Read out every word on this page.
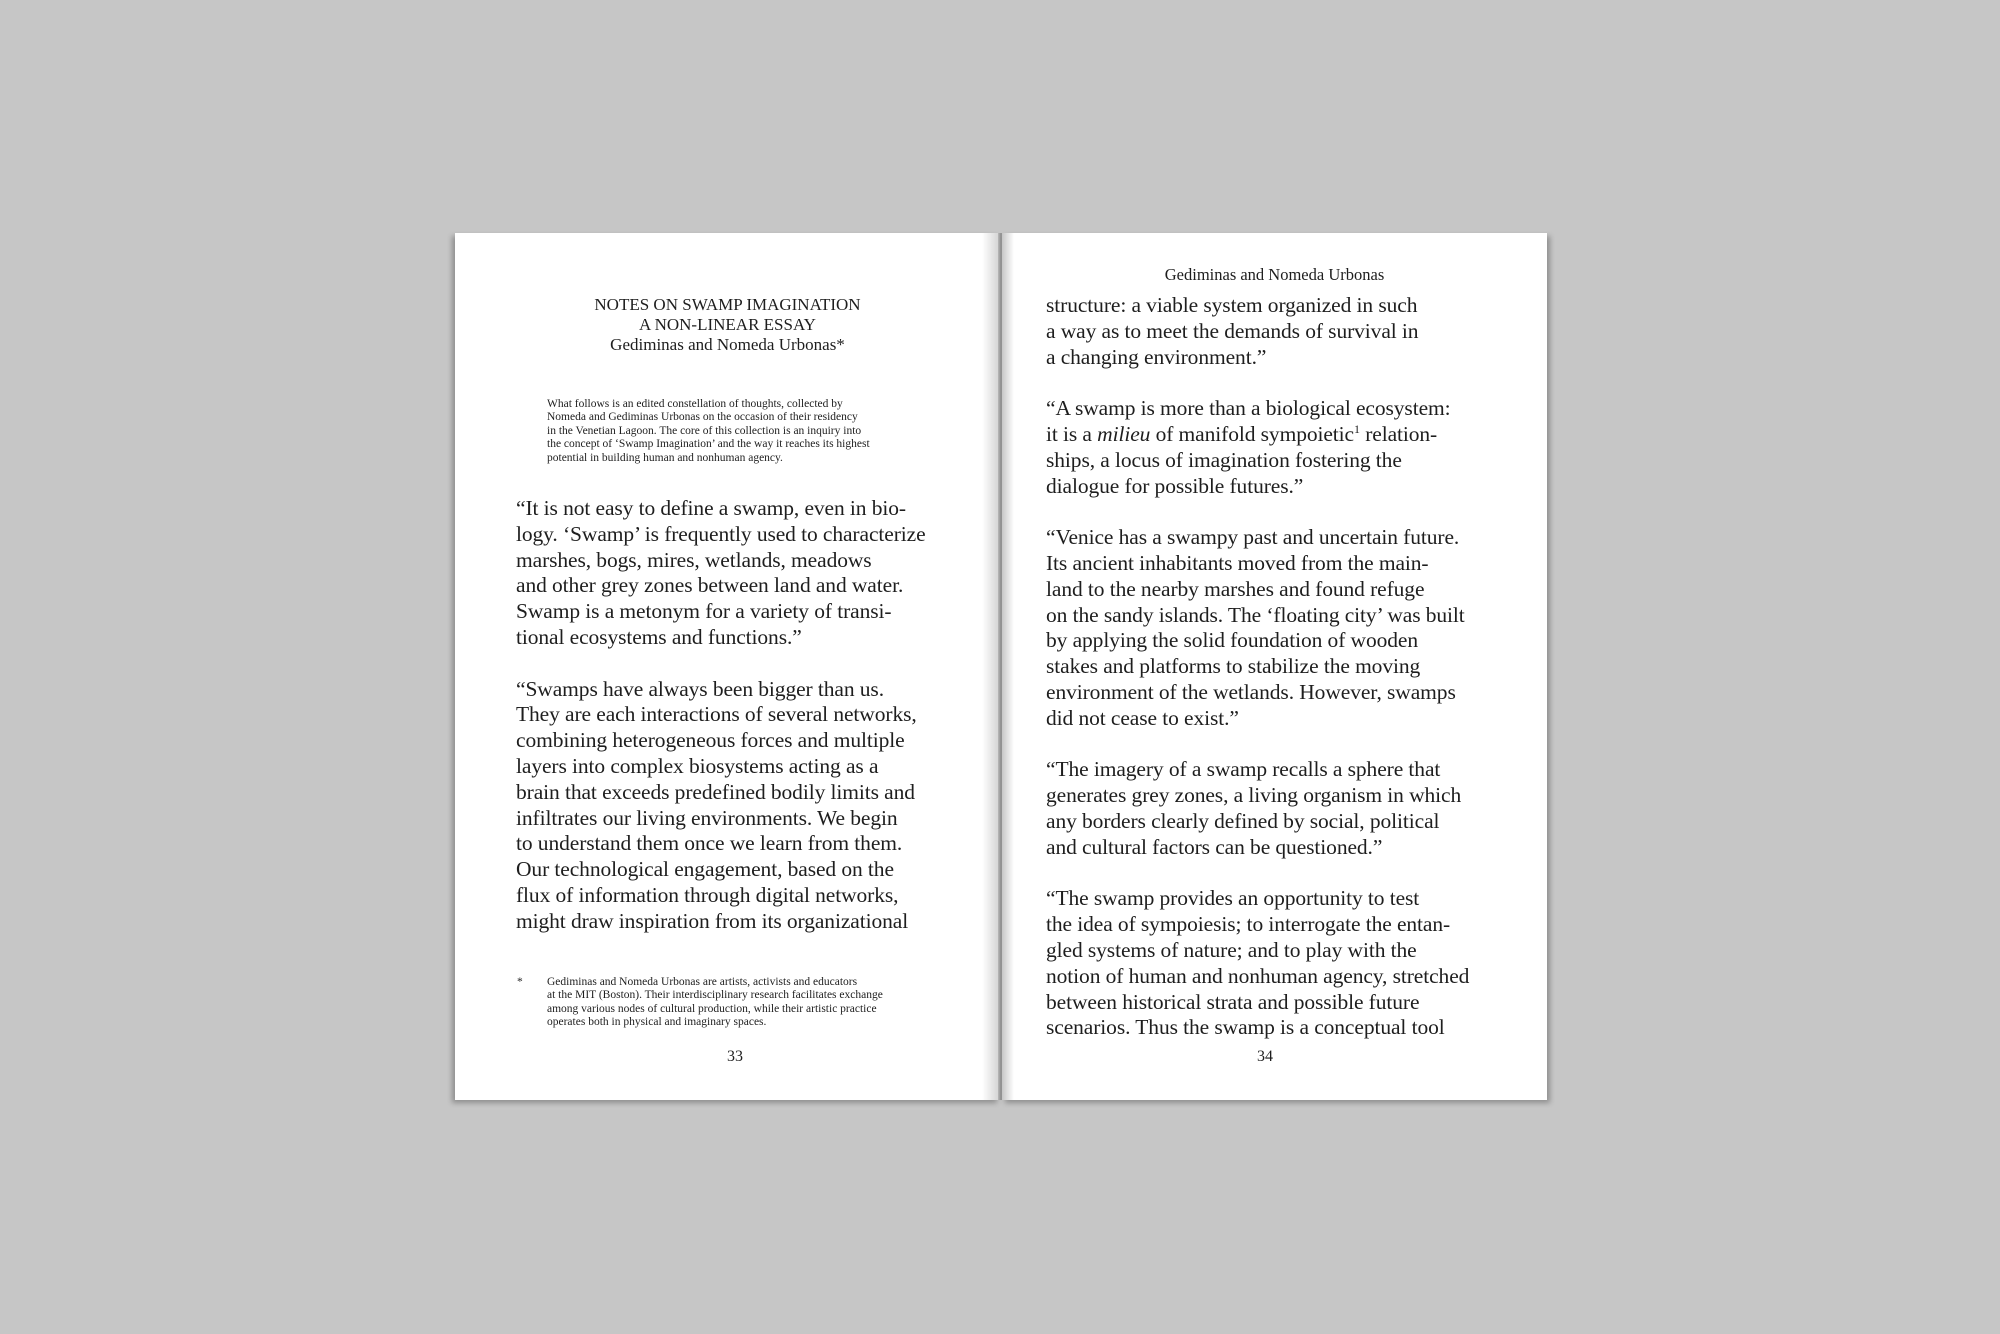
NOTES ON SWAMP IMAGINATION
A NON-LINEAR ESSAY
Gediminas and Nomeda Urbonas*
What follows is an edited constellation of thoughts, collected by
Nomeda and Gediminas Urbonas on the occasion of their residency
in the Venetian Lagoon. The core of this collection is an inquiry into
the concept of ‘Swamp Imagination’ and the way it reaches its highest
potential in building human and nonhuman agency.

“It is not easy to define a swamp, even in bio-
logy. ‘Swamp’ is frequently used to characterize
marshes, bogs, mires, wetlands, meadows
and other grey zones between land and water.
Swamp is a metonym for a variety of transi-
tional ecosystems and functions.”

“Swamps have always been bigger than us.
They are each interactions of several networks,
combining heterogeneous forces and multiple
layers into complex biosystems acting as a
brain that exceeds predefined bodily limits and
infiltrates our living environments. We begin
to understand them once we learn from them.
Our technological engagement, based on the
flux of information through digital networks,
might draw inspiration from its organizational

* Gediminas and Nomeda Urbonas are artists, activists and educators
at the MIT (Boston). Their interdisciplinary research facilitates exchange
among various nodes of cultural production, while their artistic practice
operates both in physical and imaginary spaces.
33
Gediminas and Nomeda Urbonas

structure: a viable system organized in such
a way as to meet the demands of survival in
a changing environment.”

“A swamp is more than a biological ecosystem:
it is a milieu of manifold sympoietic$^1$ relation-
ships, a locus of imagination fostering the
dialogue for possible futures.”

“Venice has a swampy past and uncertain future.
Its ancient inhabitants moved from the main-
land to the nearby marshes and found refuge
on the sandy islands. The ‘floating city’ was built
by applying the solid foundation of wooden
stakes and platforms to stabilize the moving
environment of the wetlands. However, swamps
did not cease to exist.”

“The imagery of a swamp recalls a sphere that
generates grey zones, a living organism in which
any borders clearly defined by social, political
and cultural factors can be questioned.”

“The swamp provides an opportunity to test
the idea of sympoiesis; to interrogate the entan-
gled systems of nature; and to play with the
notion of human and nonhuman agency, stretched
between historical strata and possible future
scenarios. Thus the swamp is a conceptual tool

34
